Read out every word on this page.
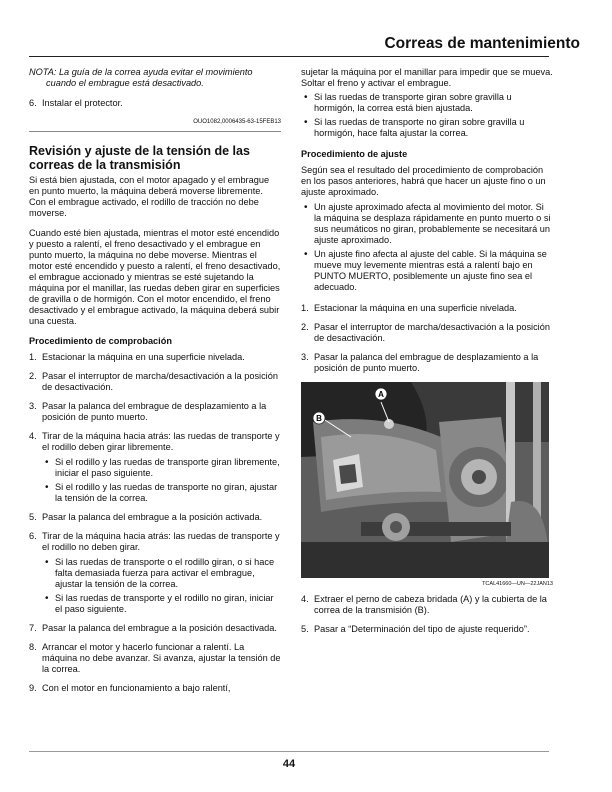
Correas de mantenimiento

NOTA: La guía de la correa ayuda evitar el movimiento
cuando el embrague está desactivado.

6. Instalar el protector.
OUO1082,0006435-63-15FEB13
Revisión y ajuste de la tensión de las correas de la transmisión

Si está bien ajustada, con el motor apagado y el embrague en punto muerto, la máquina deberá moverse libremente. Con el embrague activado, el rodillo de tracción no debe moverse.

Cuando esté bien ajustada, mientras el motor esté encendido y puesto a ralentí, el freno desactivado y el embrague en punto muerto, la máquina no debe moverse. Mientras el motor esté encendido y puesto a ralentí, el freno desactivado, el embrague accionado y mientras se esté sujetando la máquina por el manillar, las ruedas deben girar en superficies de gravilla o de hormigón. Con el motor encendido, el freno desactivado y el embrague activado, la máquina deberá subir una cuesta.

Procedimiento de comprobación
1. Estacionar la máquina en una superficie nivelada.
2. Pasar el interruptor de marcha/desactivación a la posición de desactivación.
3. Pasar la palanca del embrague de desplazamiento a la posición de punto muerto.
4. Tirar de la máquina hacia atrás: las ruedas de transporte y el rodillo deben girar libremente.
• Si el rodillo y las ruedas de transporte giran libremente, iniciar el paso siguiente.
• Si el rodillo y las ruedas de transporte no giran, ajustar la tensión de la correa.
5. Pasar la palanca del embrague a la posición activada.
6. Tirar de la máquina hacia atrás: las ruedas de transporte y el rodillo no deben girar.
• Si las ruedas de transporte o el rodillo giran, o si hace falta demasiada fuerza para activar el embrague, ajustar la tensión de la correa.
• Si las ruedas de transporte y el rodillo no giran, iniciar el paso siguiente.
7. Pasar la palanca del embrague a la posición desactivada.
8. Arrancar el motor y hacerlo funcionar a ralentí. La máquina no debe avanzar. Si avanza, ajustar la tensión de la correa.
9. Con el motor en funcionamiento a bajo ralentí,

sujetar la máquina por el manillar para impedir que se mueva. Soltar el freno y activar el embrague.

• Si las ruedas de transporte giran sobre gravilla u hormigón, la correa está bien ajustada.
• Si las ruedas de transporte no giran sobre gravilla u hormigón, hace falta ajustar la correa.
Procedimiento de ajuste

Según sea el resultado del procedimiento de comprobación en los pasos anteriores, habrá que hacer un ajuste fino o un ajuste aproximado.

• Un ajuste aproximado afecta al movimiento del motor. Si la máquina se desplaza rápidamente en punto muerto o si sus neumáticos no giran, probablemente se necesitará un ajuste aproximado.
• Un ajuste fino afecta al ajuste del cable. Si la máquina se mueve muy levemente mientras está a ralentí bajo en PUNTO MUERTO, posiblemente un ajuste fino sea el adecuado.
1. Estacionar la máquina en una superficie nivelada.
2. Pasar el interruptor de marcha/desactivación a la posición de desactivación.
3. Pasar la palanca del embrague de desplazamiento a la posición de punto muerto.
A
B
TCAL41660—UN—22JAN13
4. Extraer el perno de cabeza bridada (A) y la cubierta de la correa de la transmisión (B).
5. Pasar a “Determinación del tipo de ajuste requerido”.
44
